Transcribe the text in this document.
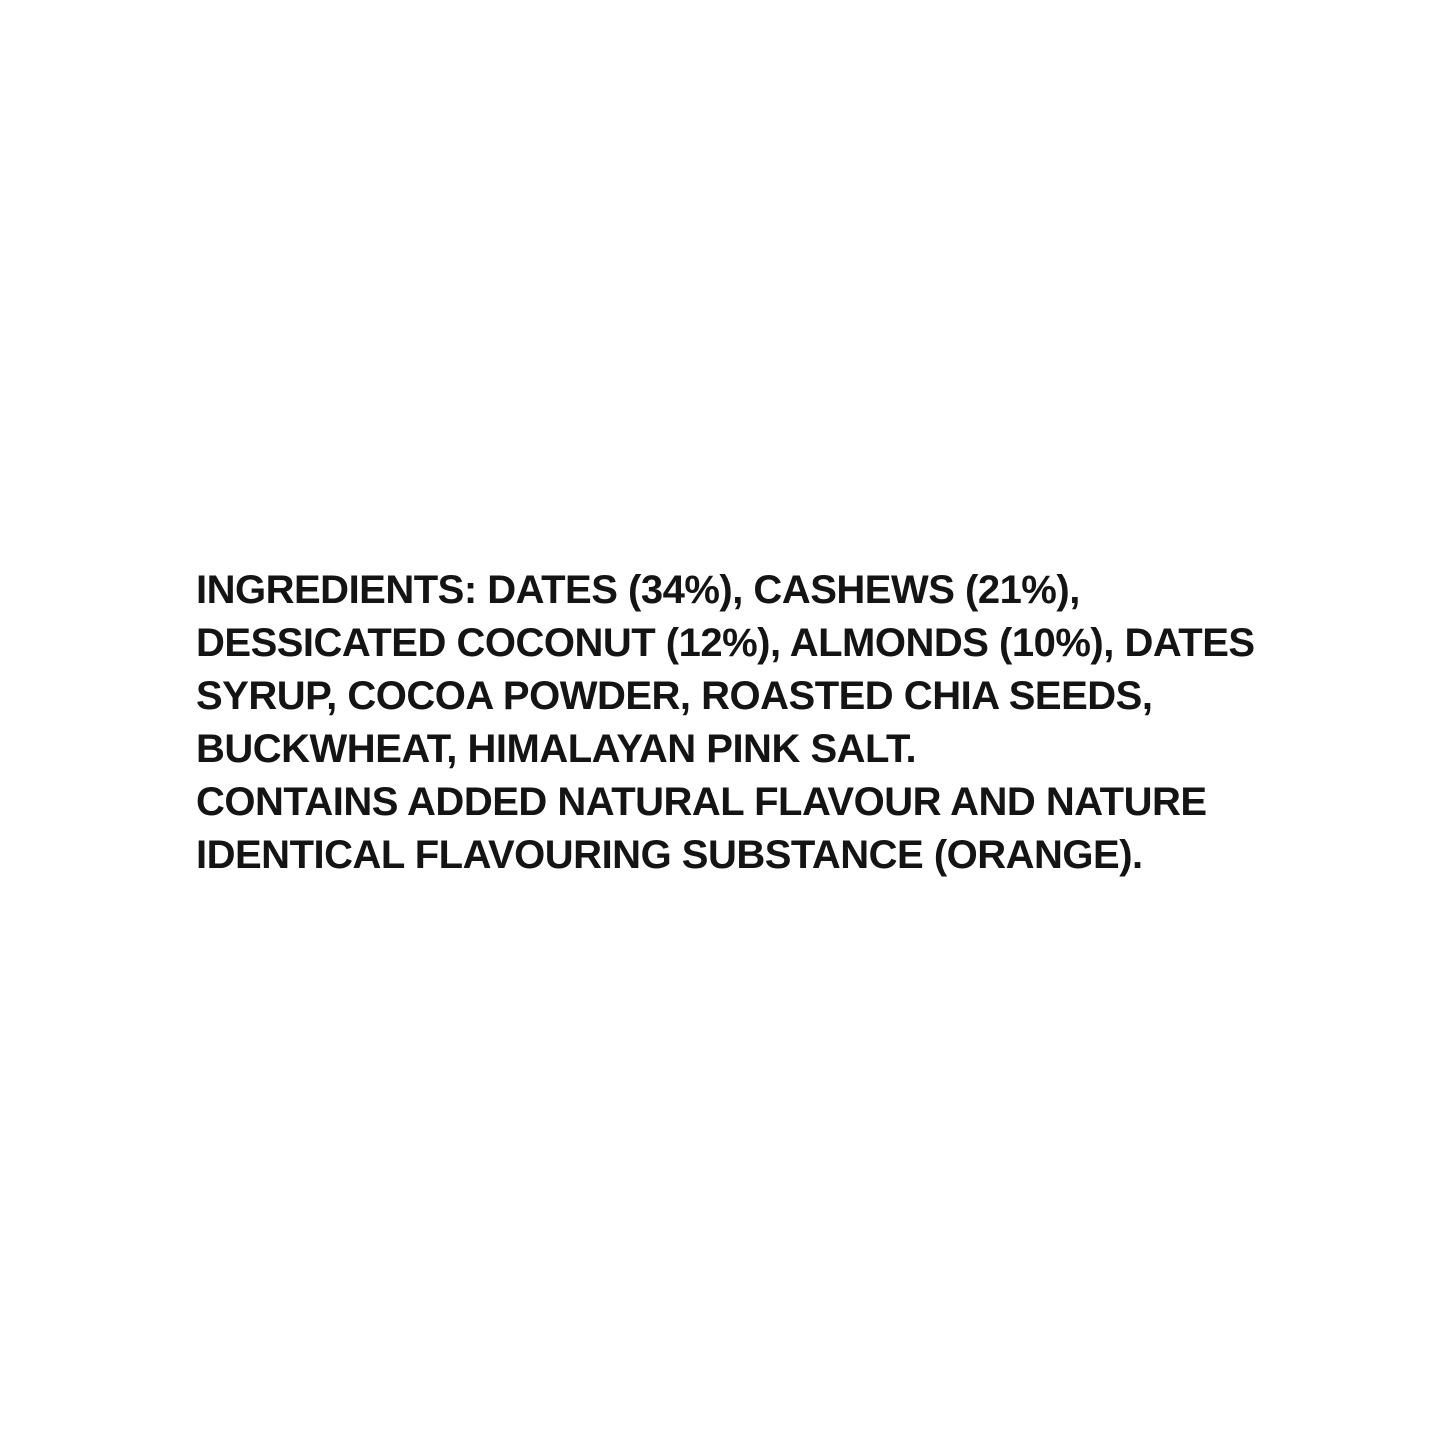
INGREDIENTS: DATES (34%), CASHEWS (21%),
DESSICATED COCONUT (12%), ALMONDS (10%), DATES
SYRUP, COCOA POWDER, ROASTED CHIA SEEDS,
BUCKWHEAT, HIMALAYAN PINK SALT.
CONTAINS ADDED NATURAL FLAVOUR AND NATURE
IDENTICAL FLAVOURING SUBSTANCE (ORANGE).
